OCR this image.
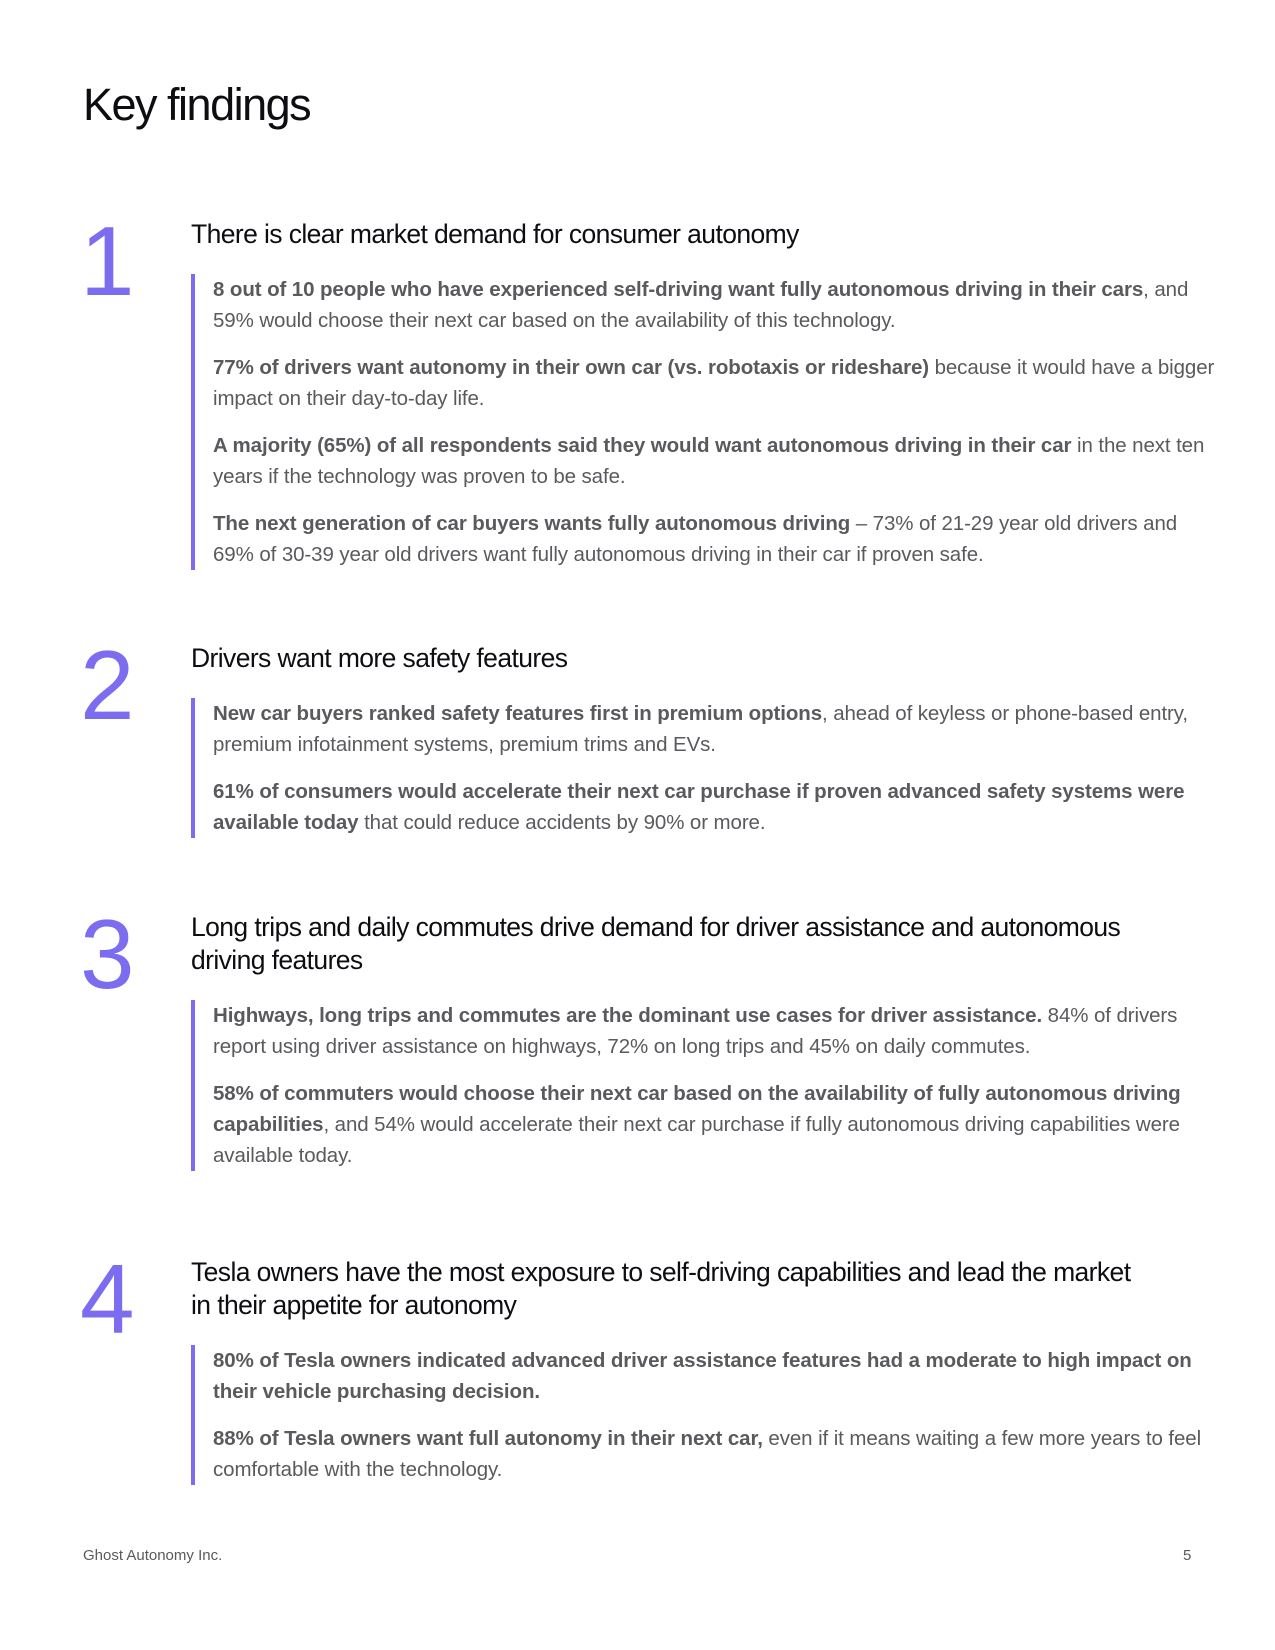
Key findings
1 There is clear market demand for consumer autonomy

8 out of 10 people who have experienced self-driving want fully autonomous driving in their cars, and 59% would choose their next car based on the availability of this technology.

77% of drivers want autonomy in their own car (vs. robotaxis or rideshare) because it would have a bigger impact on their day-to-day life.

A majority (65%) of all respondents said they would want autonomous driving in their car in the next ten years if the technology was proven to be safe.

The next generation of car buyers wants fully autonomous driving – 73% of 21-29 year old drivers and 69% of 30-39 year old drivers want fully autonomous driving in their car if proven safe.

2 Drivers want more safety features

New car buyers ranked safety features first in premium options, ahead of keyless or phone-based entry, premium infotainment systems, premium trims and EVs.

61% of consumers would accelerate their next car purchase if proven advanced safety systems were available today that could reduce accidents by 90% or more.

3 Long trips and daily commutes drive demand for driver assistance and autonomous driving features

Highways, long trips and commutes are the dominant use cases for driver assistance. 84% of drivers report using driver assistance on highways, 72% on long trips and 45% on daily commutes.

58% of commuters would choose their next car based on the availability of fully autonomous driving capabilities, and 54% would accelerate their next car purchase if fully autonomous driving capabilities were available today.

4 Tesla owners have the most exposure to self-driving capabilities and lead the market in their appetite for autonomy

80% of Tesla owners indicated advanced driver assistance features had a moderate to high impact on their vehicle purchasing decision.

88% of Tesla owners want full autonomy in their next car, even if it means waiting a few more years to feel comfortable with the technology.

Ghost Autonomy Inc.	5
